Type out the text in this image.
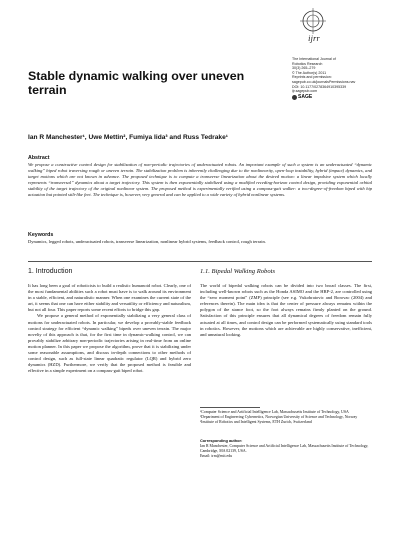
ijrr
The International Journal of
Robotics Research
30(3) 265–279
© The Author(s) 2011
Reprints and permission:
sagepub.co.uk/journalsPermissions.nav
DOI: 10.1177/0278364910395339
ijr.sagepub.com
SAGE
Stable dynamic walking over uneven terrain
Ian R Manchester¹, Uwe Mettin², Fumiya Iida³ and Russ Tedrake¹
Abstract
We propose a constructive control design for stabilization of non-periodic trajectories of underactuated robots. An important example of such a system is an underactuated “dynamic walking” biped robot traversing rough or uneven terrain. The stabilization problem is inherently challenging due to the nonlinearity, open-loop instability, hybrid (impact) dynamics, and target motions which are not known in advance. The proposed technique is to compute a transverse linearization about the desired motion: a linear impulsive system which locally represents “transversal” dynamics about a target trajectory. This system is then exponentially stabilized using a modified receding-horizon control design, providing exponential orbital stability of the target trajectory of the original nonlinear system. The proposed method is experimentally verified using a compass-gait walker: a two-degree-of-freedom biped with hip actuation but pointed stilt-like feet. The technique is, however, very general and can be applied to a wide variety of hybrid nonlinear systems.
Keywords
Dynamics, legged robots, underactuated robots, transverse linearization, nonlinear hybrid systems, feedback control, rough terrain.
1. Introduction

It has long been a goal of roboticists to build a realistic humanoid robot. Clearly, one of the most fundamental abilities such a robot must have is to walk around its environment in a stable, efficient, and naturalistic manner. When one examines the current state of the art, it seems that one can have either stability and versatility or efficiency and naturalism, but not all four. This paper reports some recent efforts to bridge this gap.

We propose a general method of exponentially stabilizing a very general class of motions for underactuated robots. In particular, we develop a provably-stable feedback control strategy for efficient “dynamic walking” bipeds over uneven terrain. The major novelty of this approach is that, for the first time in dynamic-walking control, we can provably stabilize arbitrary non-periodic trajectories arising in real-time from an online motion planner. In this paper we propose the algorithm, prove that it is stabilizing under some reasonable assumptions, and discuss in-depth connections to other methods of control design, such as full-state linear quadratic regulator (LQR) and hybrid zero dynamics (HZD). Furthermore, we verify that the proposed method is feasible and effective in a simple experiment on a compass-gait biped robot.

1.1. Bipedal Walking Robots

The world of bipedal walking robots can be divided into two broad classes. The first, including well-known robots such as the Honda ASIMO and the HRP-2, are controlled using the “zero moment point” (ZMP) principle (see e.g. Vukobratovic and Borovac (2004) and references therein). The main idea is that the center of pressure always remains within the polygon of the stance foot, so the foot always remains firmly planted on the ground. Satisfaction of this principle ensures that all dynamical degrees of freedom remain fully actuated at all times, and control design can be performed systematically using standard tools in robotics. However, the motions which are achievable are highly conservative, inefficient, and unnatural looking.

¹Computer Science and Artificial Intelligence Lab, Massachusetts Institute of Technology, USA
²Department of Engineering Cybernetics, Norwegian University of Science and Technology, Norway
³Institute of Robotics and Intelligent Systems, ETH Zurich, Switzerland
Corresponding author:
Ian R Manchester, Computer Science and Artificial Intelligence Lab, Massachusetts Institute of Technology, Cambridge, MA 02139, USA.
Email: irm@mit.edu
